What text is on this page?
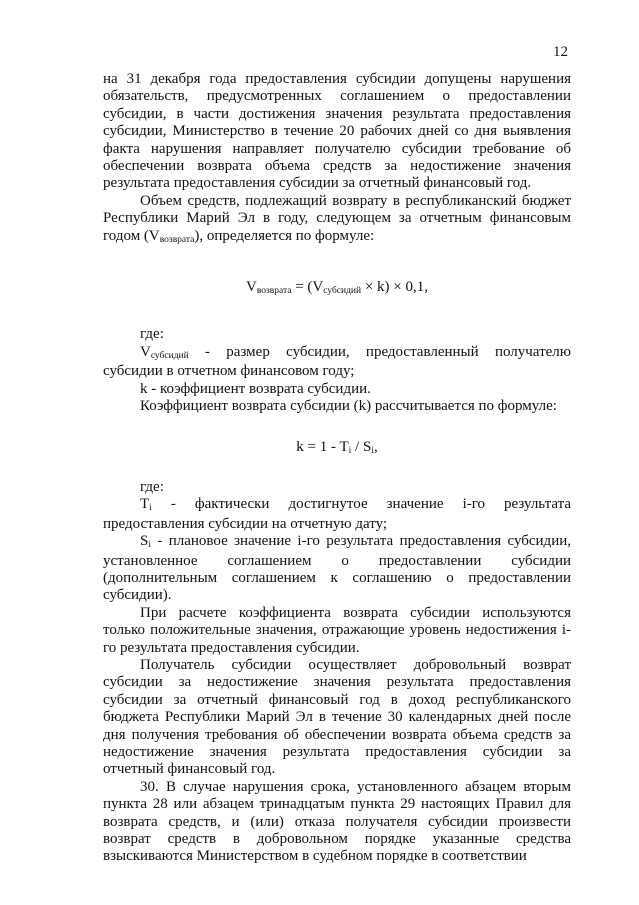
12

на 31 декабря года предоставления субсидии допущены нарушения обязательств, предусмотренных соглашением о предоставлении субсидии, в части достижения значения результата предоставления субсидии, Министерство в течение 20 рабочих дней со дня выявления факта нарушения направляет получателю субсидии требование об обеспечении возврата объема средств за недостижение значения результата предоставления субсидии за отчетный финансовый год.

Объем средств, подлежащий возврату в республиканский бюджет Республики Марий Эл в году, следующем за отчетным финансовым годом (Vвозврата), определяется по формуле:

Vвозврата = (Vсубсидий × k) × 0,1,

где:

Vсубсидий - размер субсидии, предоставленный получателю субсидии в отчетном финансовом году;

k - коэффициент возврата субсидии.

Коэффициент возврата субсидии (k) рассчитывается по формуле:

k = 1 - Ti / Si,

где:

Ti - фактически достигнутое значение i-го результата предоставления субсидии на отчетную дату;

Si - плановое значение i-го результата предоставления субсидии, установленное соглашением о предоставлении субсидии (дополнительным соглашением к соглашению о предоставлении субсидии).

При расчете коэффициента возврата субсидии используются только положительные значения, отражающие уровень недостижения i-го результата предоставления субсидии.

Получатель субсидии осуществляет добровольный возврат субсидии за недостижение значения результата предоставления субсидии за отчетный финансовый год в доход республиканского бюджета Республики Марий Эл в течение 30 календарных дней после дня получения требования об обеспечении возврата объема средств за недостижение значения результата предоставления субсидии за отчетный финансовый год.

30. В случае нарушения срока, установленного абзацем вторым пункта 28 или абзацем тринадцатым пункта 29 настоящих Правил для возврата средств, и (или) отказа получателя субсидии произвести возврат средств в добровольном порядке указанные средства взыскиваются Министерством в судебном порядке в соответствии
